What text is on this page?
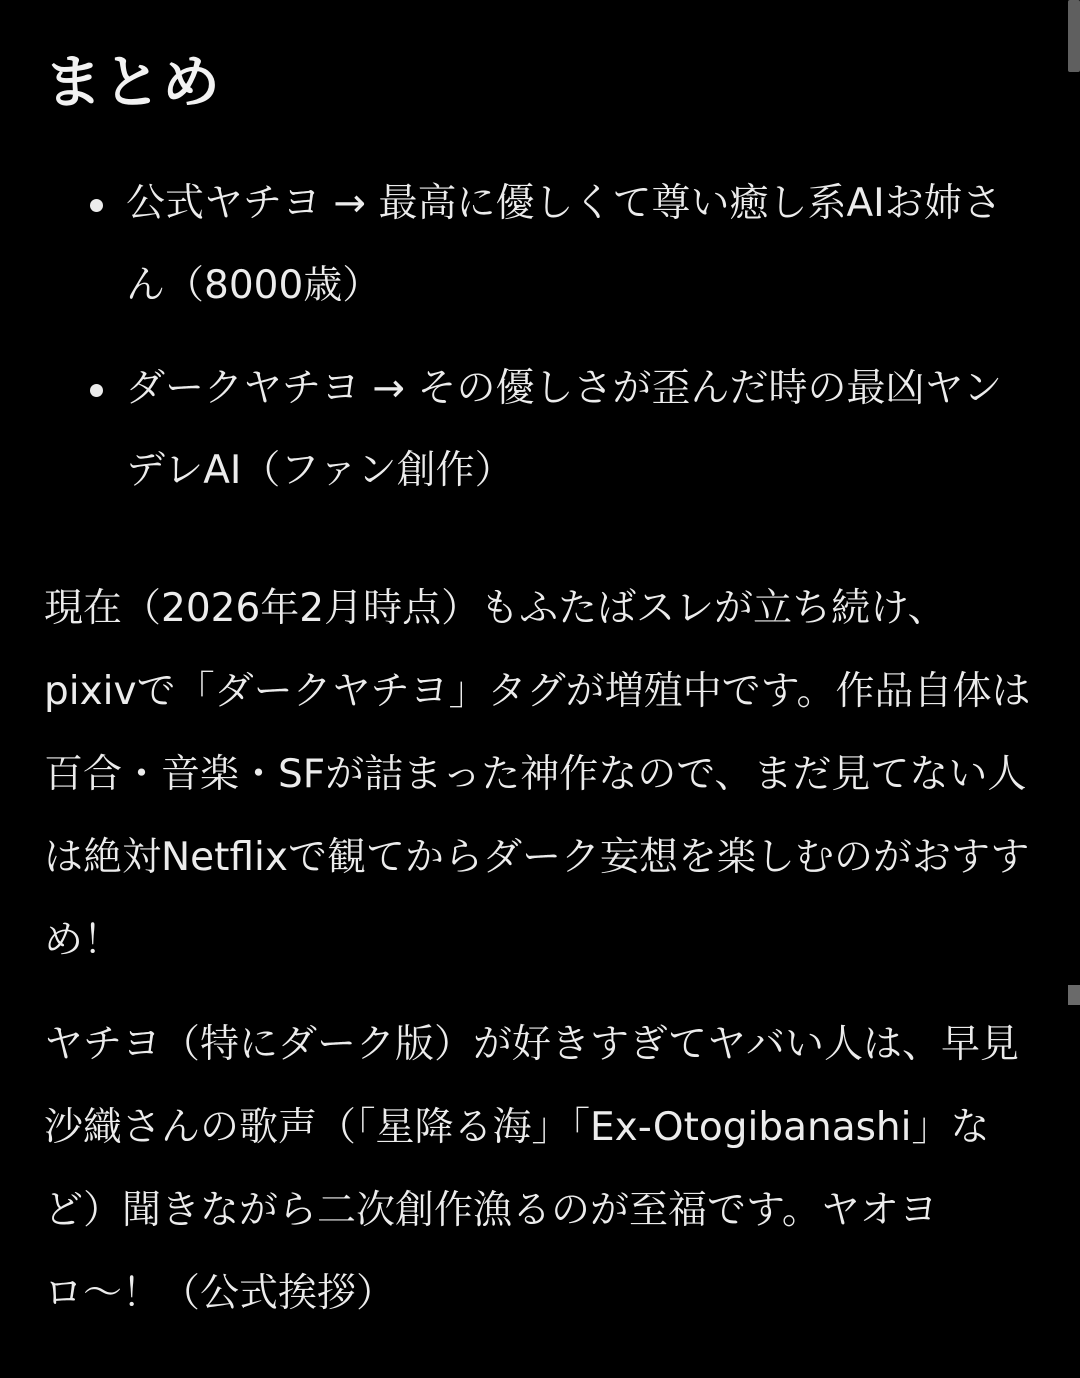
まとめ
公式ヤチヨ → 最高に優しくて尊い癒し系AIお姉さん（8000歳）
ダークヤチヨ → その優しさが歪んだ時の最凶ヤンデレAI（ファン創作）

現在（2026年2月時点）もふたばスレが立ち続け、pixivで「ダークヤチヨ」タグが増殖中です。作品自体は百合・音楽・SFが詰まった神作なので、まだ見てない人は絶対Netflixで観てからダーク妄想を楽しむのがおすすめ！

ヤチヨ（特にダーク版）が好きすぎてヤバい人は、早見沙織さんの歌声（「星降る海」「Ex-Otogibanashi」など）聞きながら二次創作漁るのが至福です。ヤオヨロ〜！（公式挨拶）
